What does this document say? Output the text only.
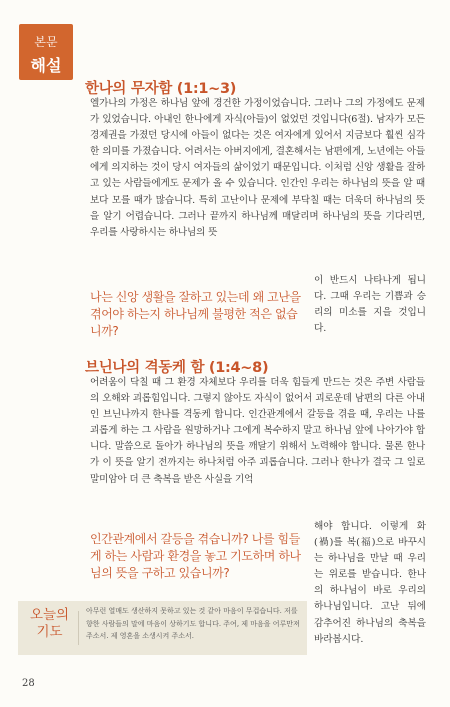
본문
해설
한나의 무자함 (1:1~3)
엘가나의 가정은 하나님 앞에 경건한 가정이었습니다. 그러나 그의 가정에도 문제가 있었습니다. 아내인 한나에게 자식(아들)이 없었던 것입니다(6절). 남자가 모든 경제권을 가졌던 당시에 아들이 없다는 것은 여자에게 있어서 지금보다 훨씬 심각한 의미를 가졌습니다. 어려서는 아버지에게, 결혼해서는 남편에게, 노년에는 아들에게 의지하는 것이 당시 여자들의 삶이었기 때문입니다. 이처럼 신앙 생활을 잘하고 있는 사람들에게도 문제가 올 수 있습니다. 인간인 우리는 하나님의 뜻을 알 때보다 모를 때가 많습니다. 특히 고난이나 문제에 부닥칠 때는 더욱더 하나님의 뜻을 알기 어렵습니다. 그러나 끝까지 하나님께 매달리며 하나님의 뜻을 기다리면, 우리를 사랑하시는 하나님의 뜻
나는 신앙 생활을 잘하고 있는데 왜 고난을 겪어야 하는지 하나님께 불평한 적은 없습니까?
이 반드시 나타나게 됩니다. 그때 우리는 기쁨과 승리의 미소를 지을 것입니다.
브닌나의 격동케 함 (1:4~8)
어려움이 닥칠 때 그 환경 자체보다 우리를 더욱 힘들게 만드는 것은 주변 사람들의 오해와 괴롭힘입니다. 그렇지 않아도 자식이 없어서 괴로운데 남편의 다른 아내인 브닌나까지 한나를 격동케 합니다. 인간관계에서 갈등을 겪을 때, 우리는 나를 괴롭게 하는 그 사람을 원망하거나 그에게 복수하지 말고 하나님 앞에 나아가야 합니다. 말씀으로 돌아가 하나님의 뜻을 깨달기 위해서 노력해야 합니다. 물론 한나가 이 뜻을 알기 전까지는 하나처럼 아주 괴롭습니다. 그러나 한나가 결국 그 일로 말미암아 더 큰 축복을 받은 사실을 기억
인간관계에서 갈등을 겪습니까? 나를 힘들게 하는 사람과 환경을 놓고 기도하며 하나님의 뜻을 구하고 있습니까?
해야 합니다. 이렇게 화(禍)를 복(福)으로 바꾸시는 하나님을 만날 때 우리는 위로를 받습니다. 한나의 하나님이 바로 우리의 하나님입니다. 고난 뒤에 감추어진 하나님의 축복을 바라봅시다.
오늘의
기도
아무런 열매도 생산하지 못하고 있는 것 같아 마음이 무겁습니다. 저를 향한 사람들의 말에 마음이 상하기도 합니다. 주여, 제 마음을 어루만져 주소서. 제 영혼을 소생시켜 주소서.
28
